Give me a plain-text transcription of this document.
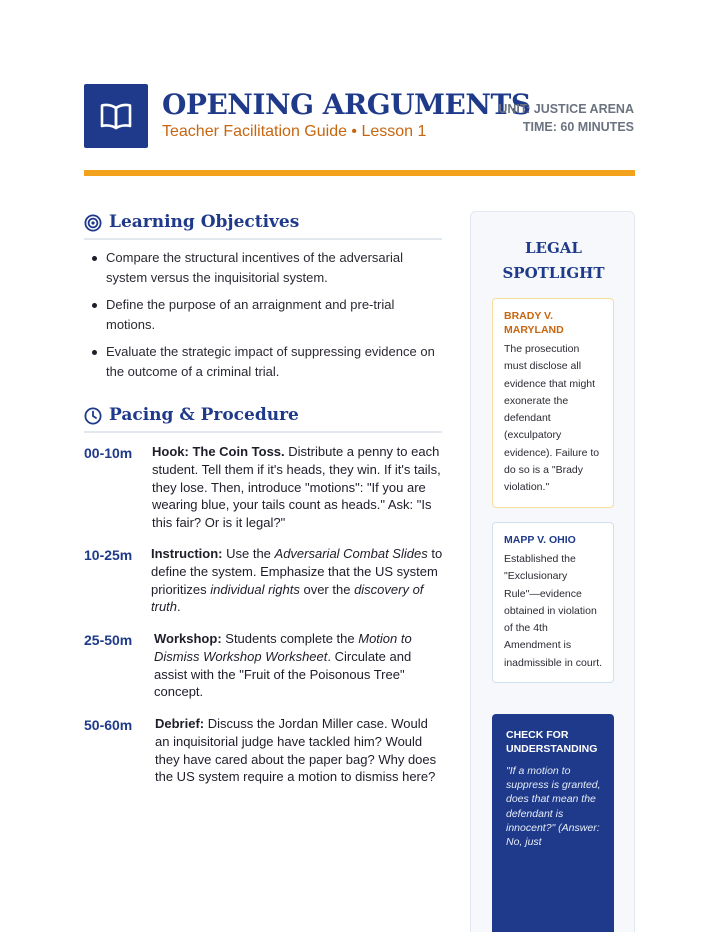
OPENING ARGUMENTS
Teacher Facilitation Guide • Lesson 1
UNIT: JUSTICE ARENA
TIME: 60 MINUTES
Learning Objectives
Compare the structural incentives of the adversarial system versus the inquisitorial system.
Define the purpose of an arraignment and pre-trial motions.
Evaluate the strategic impact of suppressing evidence on the outcome of a criminal trial.
Pacing & Procedure
00-10m Hook: The Coin Toss. Distribute a penny to each student. Tell them if it's heads, they win. If it's tails, they lose. Then, introduce "motions": "If you are wearing blue, your tails count as heads." Ask: "Is this fair? Or is it legal?"
10-25m Instruction: Use the Adversarial Combat Slides to define the system. Emphasize that the US system prioritizes individual rights over the discovery of truth.
25-50m Workshop: Students complete the Motion to Dismiss Workshop Worksheet. Circulate and assist with the "Fruit of the Poisonous Tree" concept.
50-60m Debrief: Discuss the Jordan Miller case. Would an inquisitorial judge have tackled him? Would they have cared about the paper bag? Why does the US system require a motion to dismiss here?
LEGAL
SPOTLIGHT
BRADY V.
MARYLAND
The prosecution must disclose all evidence that might exonerate the defendant (exculpatory evidence). Failure to do so is a "Brady violation."
MAPP V. OHIO
Established the "Exclusionary Rule"—evidence obtained in violation of the 4th Amendment is inadmissible in court.
CHECK FOR UNDERSTANDING
"If a motion to suppress is granted, does that mean the defendant is innocent?" (Answer: No, just
